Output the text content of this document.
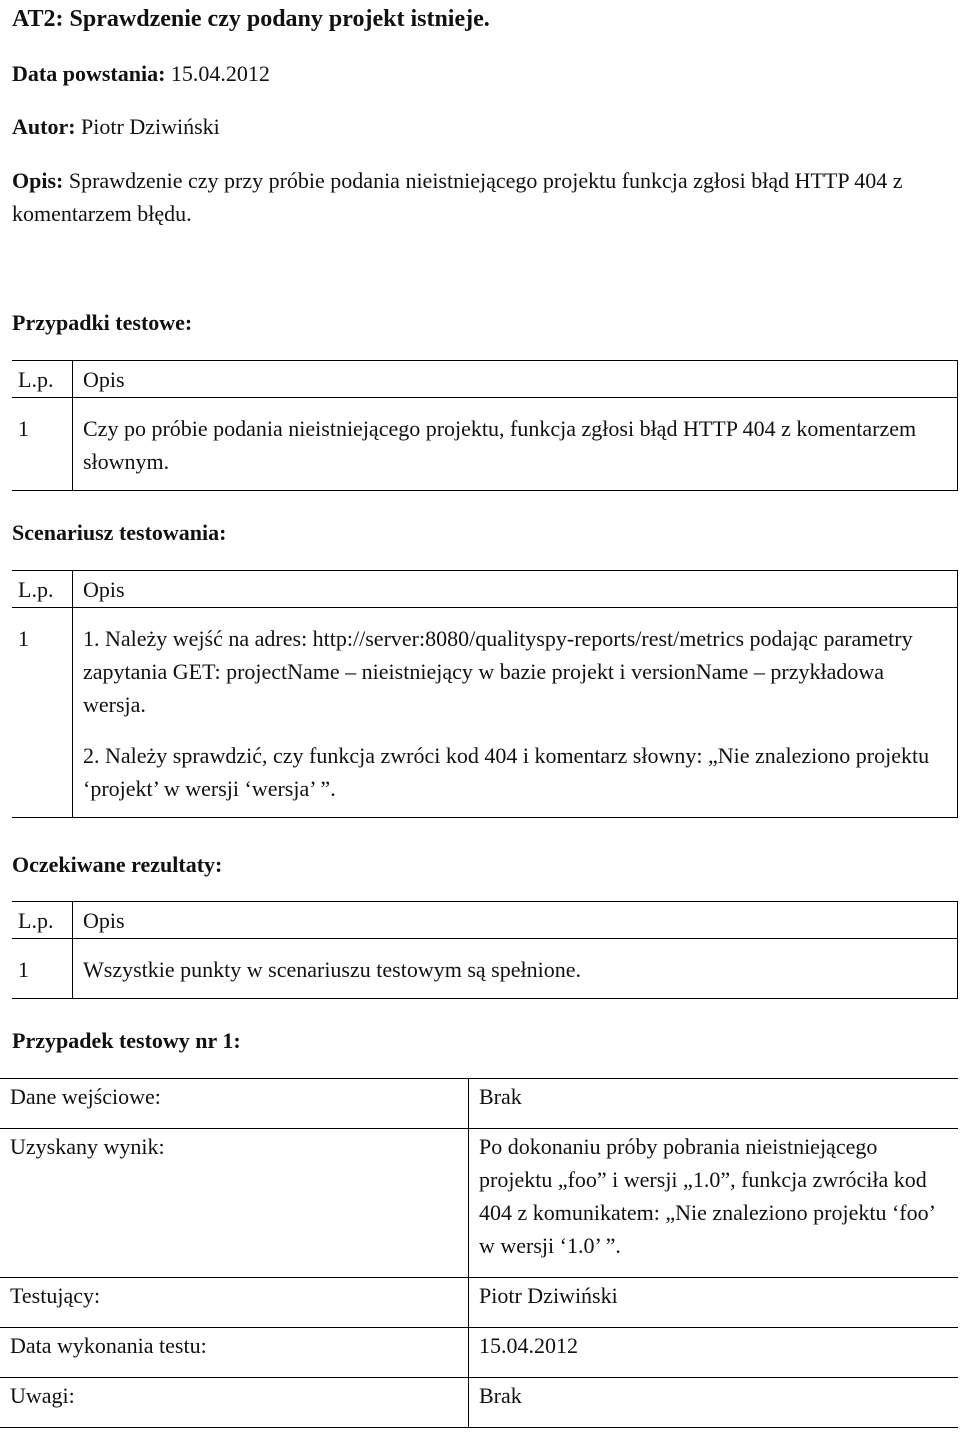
AT2: Sprawdzenie czy podany projekt istnieje.
Data powstania: 15.04.2012
Autor: Piotr Dziwiński
Opis: Sprawdzenie czy przy próbie podania nieistniejącego projektu funkcja zgłosi błąd HTTP 404 z komentarzem błędu.
Przypadki testowe:
L.p.	Opis
1	Czy po próbie podania nieistniejącego projektu, funkcja zgłosi błąd HTTP 404 z komentarzem słownym.
Scenariusz testowania:
L.p.	Opis
1	1. Należy wejść na adres: http://server:8080/qualityspy-reports/rest/metrics podając parametry zapytania GET: projectName – nieistniejący w bazie projekt i versionName – przykładowa wersja.
2. Należy sprawdzić, czy funkcja zwróci kod 404 i komentarz słowny: „Nie znaleziono projektu ‘projekt’ w wersji ‘wersja’ ”.
Oczekiwane rezultaty:
L.p.	Opis
1	Wszystkie punkty w scenariuszu testowym są spełnione.
Przypadek testowy nr 1:
Dane wejściowe:	Brak
Uzyskany wynik:	Po dokonaniu próby pobrania nieistniejącego projektu „foo” i wersji „1.0”, funkcja zwróciła kod 404 z komunikatem: „Nie znaleziono projektu ‘foo’ w wersji ‘1.0’ ”.
Testujący:	Piotr Dziwiński
Data wykonania testu:	15.04.2012
Uwagi:	Brak
